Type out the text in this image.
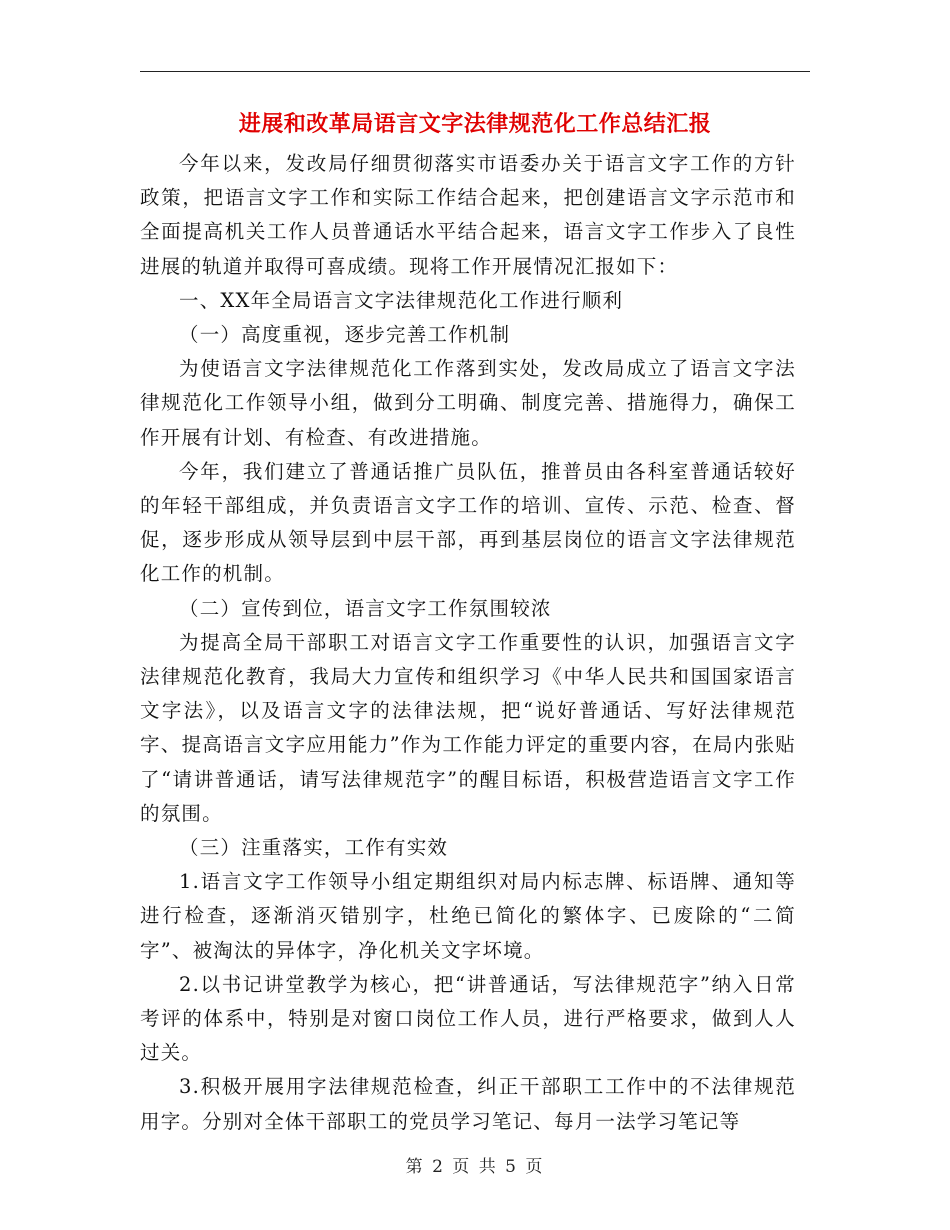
进展和改革局语言文字法律规范化工作总结汇报

今年以来，发改局仔细贯彻落实市语委办关于语言文字工作的方针政策，把语言文字工作和实际工作结合起来，把创建语言文字示范市和全面提高机关工作人员普通话水平结合起来，语言文字工作步入了良性进展的轨道并取得可喜成绩。现将工作开展情况汇报如下：

一、XX年全局语言文字法律规范化工作进行顺利

（一）高度重视，逐步完善工作机制

为使语言文字法律规范化工作落到实处，发改局成立了语言文字法律规范化工作领导小组，做到分工明确、制度完善、措施得力，确保工作开展有计划、有检查、有改进措施。

今年，我们建立了普通话推广员队伍，推普员由各科室普通话较好的年轻干部组成，并负责语言文字工作的培训、宣传、示范、检查、督促，逐步形成从领导层到中层干部，再到基层岗位的语言文字法律规范化工作的机制。

（二）宣传到位，语言文字工作氛围较浓

为提高全局干部职工对语言文字工作重要性的认识，加强语言文字法律规范化教育，我局大力宣传和组织学习《中华人民共和国国家语言文字法》，以及语言文字的法律法规，把“说好普通话、写好法律规范字、提高语言文字应用能力”作为工作能力评定的重要内容，在局内张贴了“请讲普通话，请写法律规范字”的醒目标语，积极营造语言文字工作的氛围。

（三）注重落实，工作有实效

1.语言文字工作领导小组定期组织对局内标志牌、标语牌、通知等进行检查，逐渐消灭错别字，杜绝已简化的繁体字、已废除的“二简字”、被淘汰的异体字，净化机关文字坏境。

2.以书记讲堂教学为核心，把“讲普通话，写法律规范字”纳入日常考评的体系中，特别是对窗口岗位工作人员，进行严格要求，做到人人过关。

3.积极开展用字法律规范检查，纠正干部职工工作中的不法律规范用字。分别对全体干部职工的党员学习笔记、每月一法学习笔记等

第 2 页 共 5 页
